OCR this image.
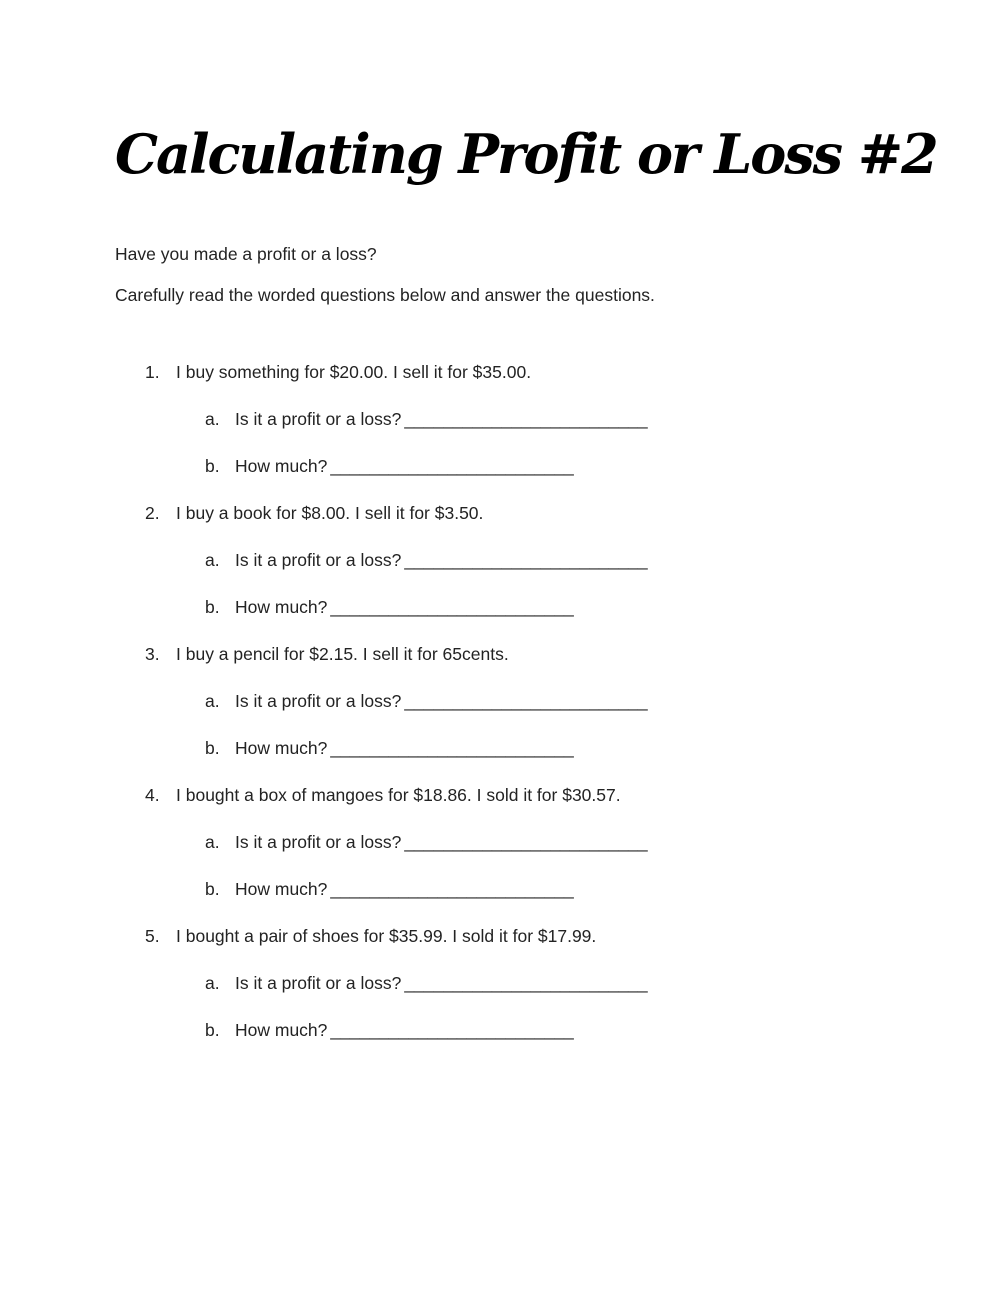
Calculating Profit or Loss #2

Have you made a profit or a loss?

Carefully read the worded questions below and answer the questions.

1. I buy something for $20.00. I sell it for $35.00.
a. Is it a profit or a loss? _________________________
b. How much? _________________________
2. I buy a book for $8.00. I sell it for $3.50.
a. Is it a profit or a loss? _________________________
b. How much? _________________________
3. I buy a pencil for $2.15. I sell it for 65cents.
a. Is it a profit or a loss? _________________________
b. How much? _________________________
4. I bought a box of mangoes for $18.86. I sold it for $30.57.
a. Is it a profit or a loss? _________________________
b. How much? _________________________
5. I bought a pair of shoes for $35.99. I sold it for $17.99.
a. Is it a profit or a loss? _________________________
b. How much? _________________________
